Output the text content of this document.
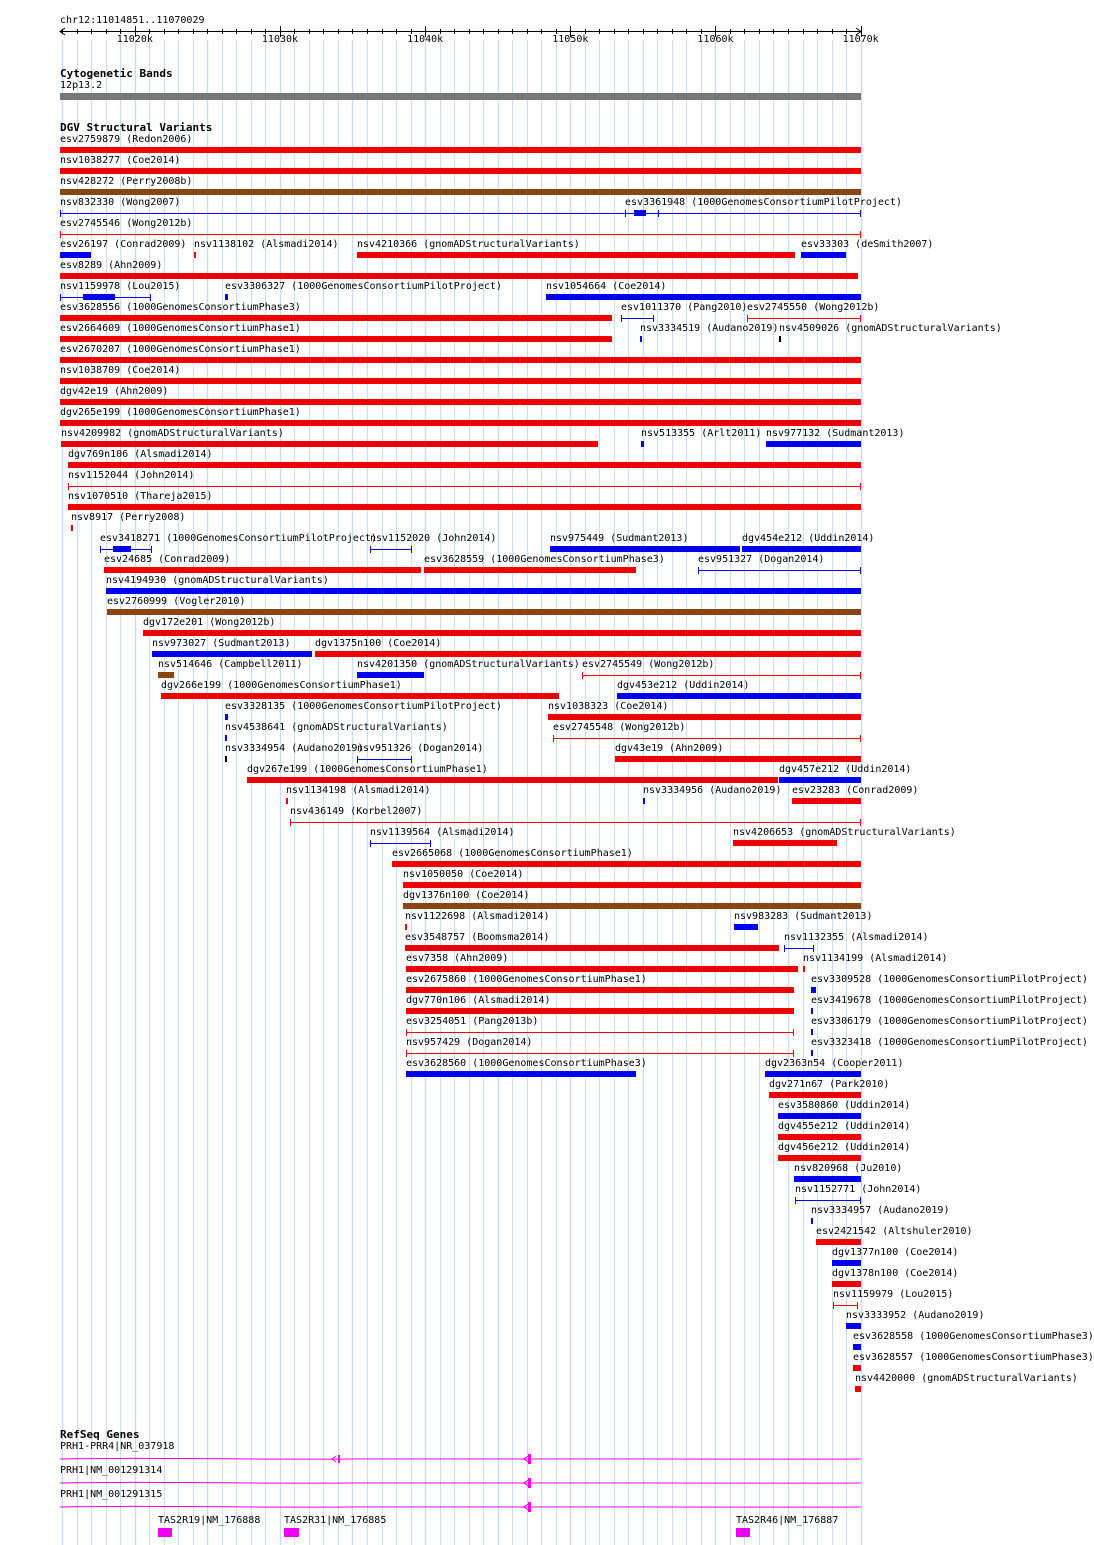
chr12:11014851..11070029
11020k	11030k	11040k	11050k	11060k	11070k
Cytogenetic Bands
12p13.2
DGV Structural Variants
RefSeq Genes
esv2759879 (Redon2006)
nsv1038277 (Coe2014)
nsv428272 (Perry2008b)
nsv832330 (Wong2007)	esv3361948 (1000GenomesConsortiumPilotProject)
esv2745546 (Wong2012b)
esv26197 (Conrad2009) nsv1138102 (Alsmadi2014) nsv4210366 (gnomADStructuralVariants)	esv33303 (deSmith2007)
esv8289 (Ahn2009)
nsv1159978 (Lou2015)	esv3306327 (1000GenomesConsortiumPilotProject)	nsv1054664 (Coe2014)
esv3628556 (1000GenomesConsortiumPhase3)	esv1011370 (Pang2010) esv2745550 (Wong2012b)
esv2664609 (1000GenomesConsortiumPhase1)	nsv3334519 (Audano2019) nsv4509026 (gnomADStructuralVariants)
esv2670207 (1000GenomesConsortiumPhase1)
nsv1038709 (Coe2014)
dgv42e19 (Ahn2009)
dgv265e199 (1000GenomesConsortiumPhase1)
nsv4209982 (gnomADStructuralVariants)	nsv513355 (Arlt2011) nsv977132 (Sudmant2013)
dgv769n106 (Alsmadi2014)
nsv1152044 (John2014)
nsv1070510 (Thareja2015)
nsv8917 (Perry2008)
esv3418271 (1000GenomesConsortiumPilotProject)
nsv1152020 (John2014)	nsv975449 (Sudmant2013)	dgv454e212 (Uddin2014)
esv24685 (Conrad2009)	esv3628559 (1000GenomesConsortiumPhase3)	esv951327 (Dogan2014)
nsv4194930 (gnomADStructuralVariants)
esv2760999 (Vogler2010)
dgv172e201 (Wong2012b)
nsv973027 (Sudmant2013) dgv1375n100 (Coe2014)
nsv514646 (Campbell2011)	nsv4201350 (gnomADStructuralVariants) esv2745549 (Wong2012b)
dgv266e199 (1000GenomesConsortiumPhase1)	dgv453e212 (Uddin2014)
esv3328135 (1000GenomesConsortiumPilotProject)	nsv1038323 (Coe2014)
nsv4538641 (gnomADStructuralVariants)	esv2745548 (Wong2012b)
nsv3334954 (Audano2019)
nsv951326 (Dogan2014)	dgv43e19 (Ahn2009)
dgv267e199 (1000GenomesConsortiumPhase1)	dgv457e212 (Uddin2014)
nsv1134198 (Alsmadi2014)	nsv3334956 (Audano2019) esv23283 (Conrad2009)
nsv436149 (Korbel2007)
nsv1139564 (Alsmadi2014)	nsv4206653 (gnomADStructuralVariants)
esv2665068 (1000GenomesConsortiumPhase1)
nsv1050050 (Coe2014)
dgv1376n100 (Coe2014)
nsv1122698 (Alsmadi2014)	nsv983283 (Sudmant2013)
esv3548757 (Boomsma2014)	nsv1132355 (Alsmadi2014)
esv7358 (Ahn2009)	nsv1134199 (Alsmadi2014)
esv2675860 (1000GenomesConsortiumPhase1)	esv3309528 (1000GenomesConsortiumPilotProject)
dgv770n106 (Alsmadi2014)	esv3419678 (1000GenomesConsortiumPilotProject)
esv3254051 (Pang2013b)	esv3306179 (1000GenomesConsortiumPilotProject)
nsv957429 (Dogan2014)	esv3323418 (1000GenomesConsortiumPilotProject)
esv3628560 (1000GenomesConsortiumPhase3)	dgv2363n54 (Cooper2011)
dgv271n67 (Park2010)
esv3580860 (Uddin2014)
dgv455e212 (Uddin2014)
dgv456e212 (Uddin2014)
nsv820968 (Ju2010)
nsv1152771 (John2014)
nsv3334957 (Audano2019)
esv2421542 (Altshuler2010)
dgv1377n100 (Coe2014)
dgv1378n100 (Coe2014)
nsv1159979 (Lou2015)
nsv3333952 (Audano2019)
esv3628558 (1000GenomesConsortiumPhase3)
esv3628557 (1000GenomesConsortiumPhase3)
nsv4420000 (gnomADStructuralVariants)
PRH1-PRR4|NR_037918
PRH1|NM_001291314
PRH1|NM_001291315
TAS2R19|NM_176888 TAS2R31|NM_176885	TAS2R46|NM_176887
